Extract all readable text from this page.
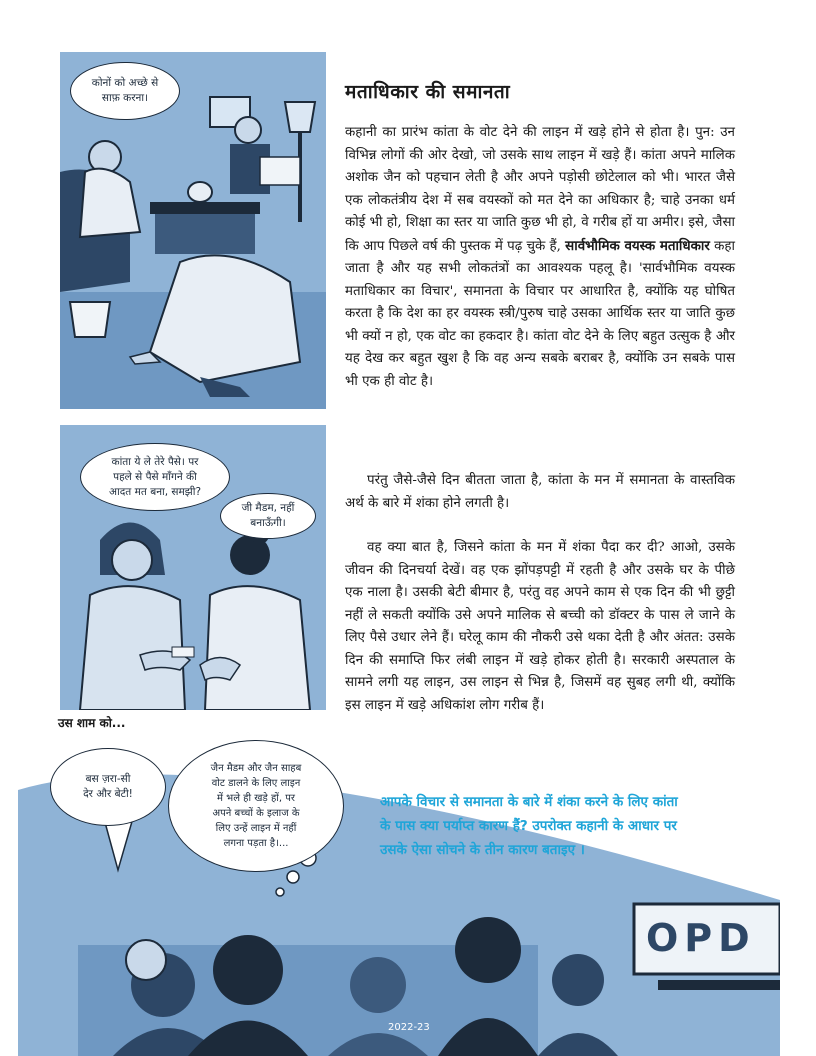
कोनों को अच्छे से
साफ़ करना।
कांता ये ले तेरे पैसे। पर
पहले से पैसे माँगने की
आदत मत बना, समझी?
जी मैडम, नहीं
बनाऊँगी।

उस शाम को...

बस ज़रा-सी
देर और बेटी!
जैन मैडम और जैन साहब
वोट डालने के लिए लाइन
में भले ही खड़े हों, पर
अपने बच्चों के इलाज के
लिए उन्हें लाइन में नहीं
लगना पड़ता है।...
OPD
2022-23
मताधिकार की समानता

कहानी का प्रारंभ कांता के वोट देने की लाइन में खड़े होने से होता है। पुन: उन विभिन्न लोगों की ओर देखो, जो उसके साथ लाइन में खड़े हैं। कांता अपने मालिक अशोक जैन को पहचान लेती है और अपने पड़ोसी छोटेलाल को भी। भारत जैसे एक लोकतंत्रीय देश में सब वयस्कों को मत देने का अधिकार है; चाहे उनका धर्म कोई भी हो, शिक्षा का स्तर या जाति कुछ भी हो, वे गरीब हों या अमीर। इसे, जैसा कि आप पिछले वर्ष की पुस्तक में पढ़ चुके हैं, सार्वभौमिक वयस्क मताधिकार कहा जाता है और यह सभी लोकतंत्रों का आवश्यक पहलू है। 'सार्वभौमिक वयस्क मताधिकार का विचार', समानता के विचार पर आधारित है, क्योंकि यह घोषित करता है कि देश का हर वयस्क स्त्री/पुरुष चाहे उसका आर्थिक स्तर या जाति कुछ भी क्यों न हो, एक वोट का हकदार है। कांता वोट देने के लिए बहुत उत्सुक है और यह देख कर बहुत खुश है कि वह अन्य सबके बराबर है, क्योंकि उन सबके पास भी एक ही वोट है।

परंतु जैसे-जैसे दिन बीतता जाता है, कांता के मन में समानता के वास्तविक अर्थ के बारे में शंका होने लगती है।

वह क्या बात है, जिसने कांता के मन में शंका पैदा कर दी? आओ, उसके जीवन की दिनचर्या देखें। वह एक झोंपड़पट्टी में रहती है और उसके घर के पीछे एक नाला है। उसकी बेटी बीमार है, परंतु वह अपने काम से एक दिन की भी छुट्टी नहीं ले सकती क्योंकि उसे अपने मालिक से बच्ची को डॉक्टर के पास ले जाने के लिए पैसे उधार लेने हैं। घरेलू काम की नौकरी उसे थका देती है और अंतत: उसके दिन की समाप्ति फिर लंबी लाइन में खड़े होकर होती है। सरकारी अस्पताल के सामने लगी यह लाइन, उस लाइन से भिन्न है, जिसमें वह सुबह लगी थी, क्योंकि इस लाइन में खड़े अधिकांश लोग गरीब हैं।

आपके विचार से समानता के बारे में शंका करने के लिए कांता के पास क्या पर्याप्त कारण हैं? उपरोक्त कहानी के आधार पर उसके ऐसा सोचने के तीन कारण बताइए ।
